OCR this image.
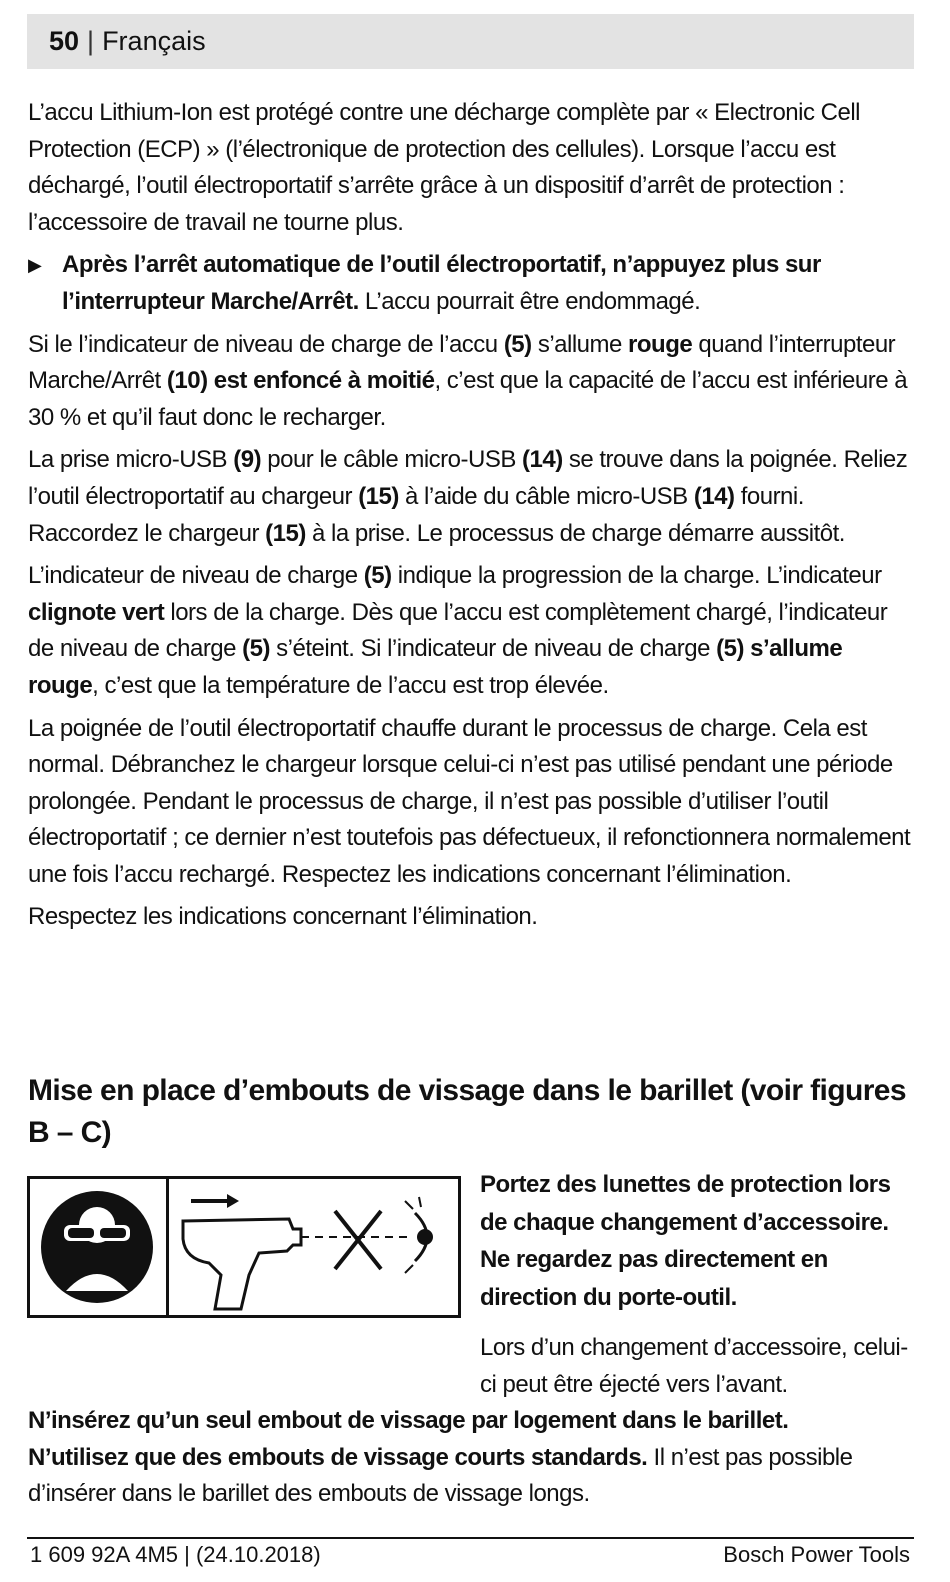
50 | Français

L’accu Lithium-Ion est protégé contre une décharge complète par « Electronic Cell Protection (ECP) » (l’électronique de protection des cellules). Lorsque l’accu est déchargé, l’outil électroportatif s’arrête grâce à un dispositif d’arrêt de protection : l’accessoire de travail ne tourne plus.

▶ Après l’arrêt automatique de l’outil électroportatif, n’appuyez plus sur l’interrupteur Marche/Arrêt. L’accu pourrait être endommagé.

Si le l’indicateur de niveau de charge de l’accu (5) s’allume rouge quand l’interrupteur Marche/Arrêt (10) est enfoncé à moitié, c’est que la capacité de l’accu est inférieure à 30 % et qu’il faut donc le recharger.

La prise micro-USB (9) pour le câble micro-USB (14) se trouve dans la poignée. Reliez l’outil électroportatif au chargeur (15) à l’aide du câble micro-USB (14) fourni. Raccordez le chargeur (15) à la prise. Le processus de charge démarre aussitôt.

L’indicateur de niveau de charge (5) indique la progression de la charge. L’indicateur clignote vert lors de la charge. Dès que l’accu est complètement chargé, l’indicateur de niveau de charge (5) s’éteint. Si l’indicateur de niveau de charge (5) s’allume rouge, c’est que la température de l’accu est trop élevée.

La poignée de l’outil électroportatif chauffe durant le processus de charge. Cela est normal. Débranchez le chargeur lorsque celui-ci n’est pas utilisé pendant une période prolongée. Pendant le processus de charge, il n’est pas possible d’utiliser l’outil électroportatif ; ce dernier n’est toutefois pas défectueux, il refonctionnera normalement une fois l’accu rechargé. Respectez les indications concernant l’élimination.

Respectez les indications concernant l’élimination.

Mise en place d’embouts de vissage dans le barillet (voir figures B – C)
Portez des lunettes de protection lors de chaque changement d’accessoire. Ne regardez pas directement en direction du porte-outil.

Lors d’un changement d’accessoire, celui-ci peut être éjecté vers l’avant.

N’insérez qu’un seul embout de vissage par logement dans le barillet.

N’utilisez que des embouts de vissage courts standards. Il n’est pas possible d’insérer dans le barillet des embouts de vissage longs.

1 609 92A 4M5 | (24.10.2018)	Bosch Power Tools
